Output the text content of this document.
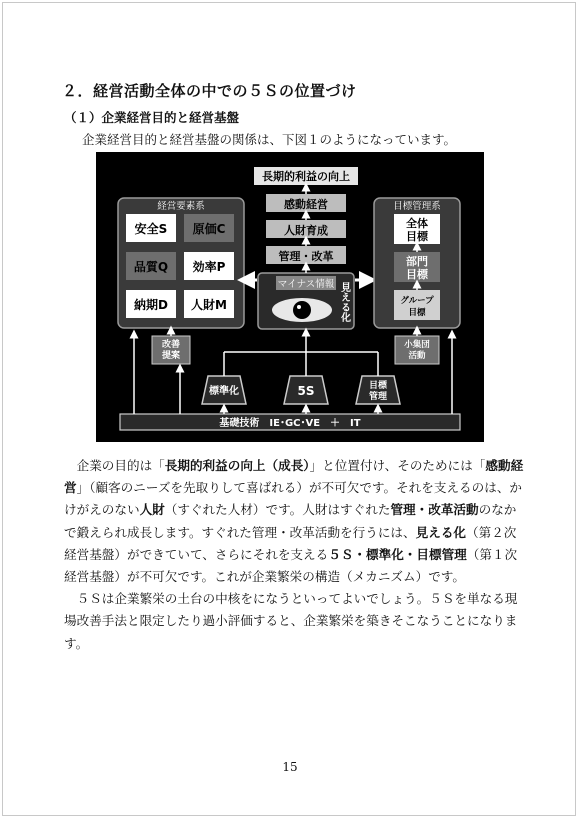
２．経営活動全体の中での５Ｓの位置づけ
（１）企業経営目的と経営基盤
企業経営目的と経営基盤の関係は、下図１のようになっています。
長期的利益の向上
感動経営
人財育成
管理・改革
マイナス情報 見える化
経営要素系
安全S 原価C
品質Q 効率P
納期D 人財M
改善提案
目標管理系
全体目標
部門目標
グループ目標
小集団活動
標準化	5S	目標管理
基礎技術　IE･GC･VE　＋　IT

企業の目的は「長期的利益の向上（成長）」と位置付け、そのためには「感動経営」（顧客のニーズを先取りして喜ばれる）が不可欠です。それを支えるのは、かけがえのない人財（すぐれた人材）です。人財はすぐれた管理・改革活動のなかで鍛えられ成長します。すぐれた管理・改革活動を行うには、見える化（第２次経営基盤）ができていて、さらにそれを支える５Ｓ・標準化・目標管理（第１次経営基盤）が不可欠です。これが企業繁栄の構造（メカニズム）です。

５Ｓは企業繁栄の土台の中核をになうといってよいでしょう。５Ｓを単なる現場改善手法と限定したり過小評価すると、企業繁栄を築きそこなうことになります。

15
